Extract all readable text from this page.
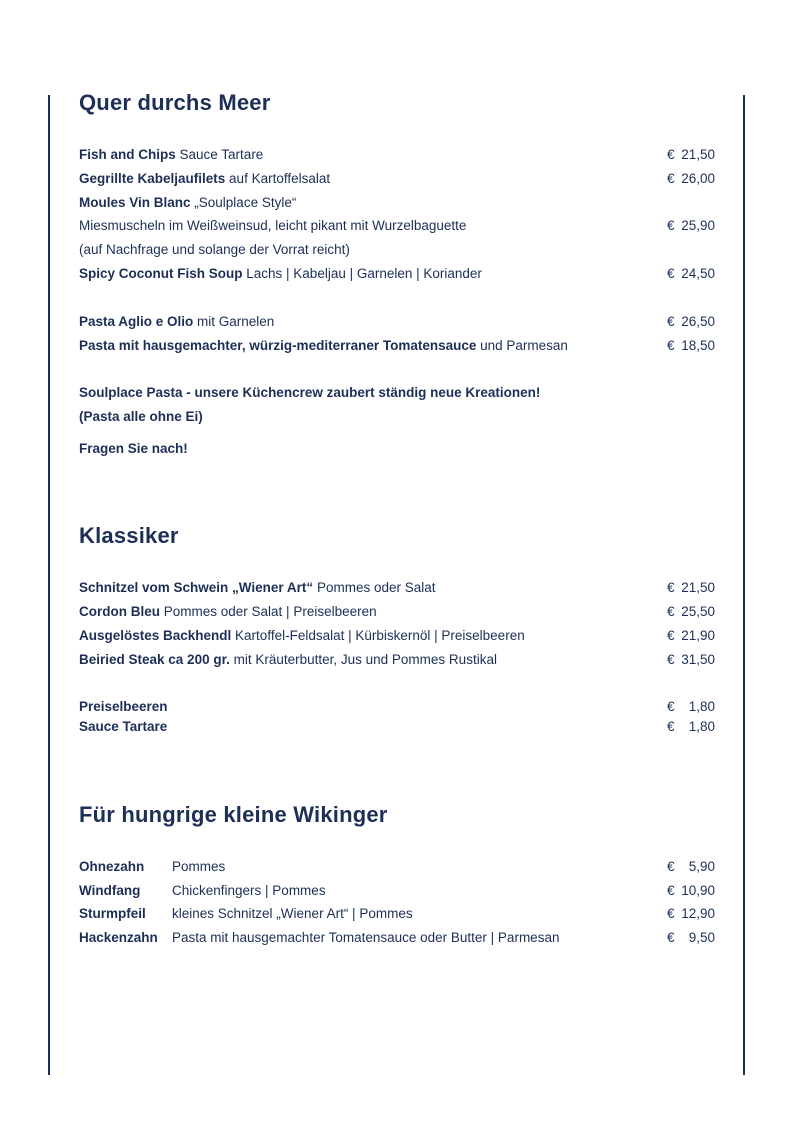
Quer durchs Meer
Fish and Chips Sauce Tartare	€ 21,50
Gegrillte Kabeljaufilets auf Kartoffelsalat	€ 26,00
Moules Vin Blanc „Soulplace Style“
Miesmuscheln im Weißweinsud, leicht pikant mit Wurzelbaguette	€ 25,90
(auf Nachfrage und solange der Vorrat reicht)
Spicy Coconut Fish Soup Lachs | Kabeljau | Garnelen | Koriander	€ 24,50
Pasta Aglio e Olio mit Garnelen	€ 26,50
Pasta mit hausgemachter, würzig-mediterraner Tomatensauce und Parmesan	€ 18,50
Soulplace Pasta - unsere Küchencrew zaubert ständig neue Kreationen!
(Pasta alle ohne Ei)
Fragen Sie nach!
Klassiker
Schnitzel vom Schwein „Wiener Art“ Pommes oder Salat	€ 21,50
Cordon Bleu Pommes oder Salat | Preiselbeeren	€ 25,50
Ausgelöstes Backhendl Kartoffel-Feldsalat | Kürbiskernöl | Preiselbeeren	€ 21,90
Beiried Steak ca 200 gr. mit Kräuterbutter, Jus und Pommes Rustikal	€ 31,50
Preiselbeeren	€ 1,80
Sauce Tartare	€ 1,80
Für hungrige kleine Wikinger
Ohnezahn Pommes	€ 5,90
Windfang Chickenfingers | Pommes	€ 10,90
Sturmpfeil kleines Schnitzel „Wiener Art“ | Pommes	€ 12,90
Hackenzahn Pasta mit hausgemachter Tomatensauce oder Butter | Parmesan	€ 9,50
